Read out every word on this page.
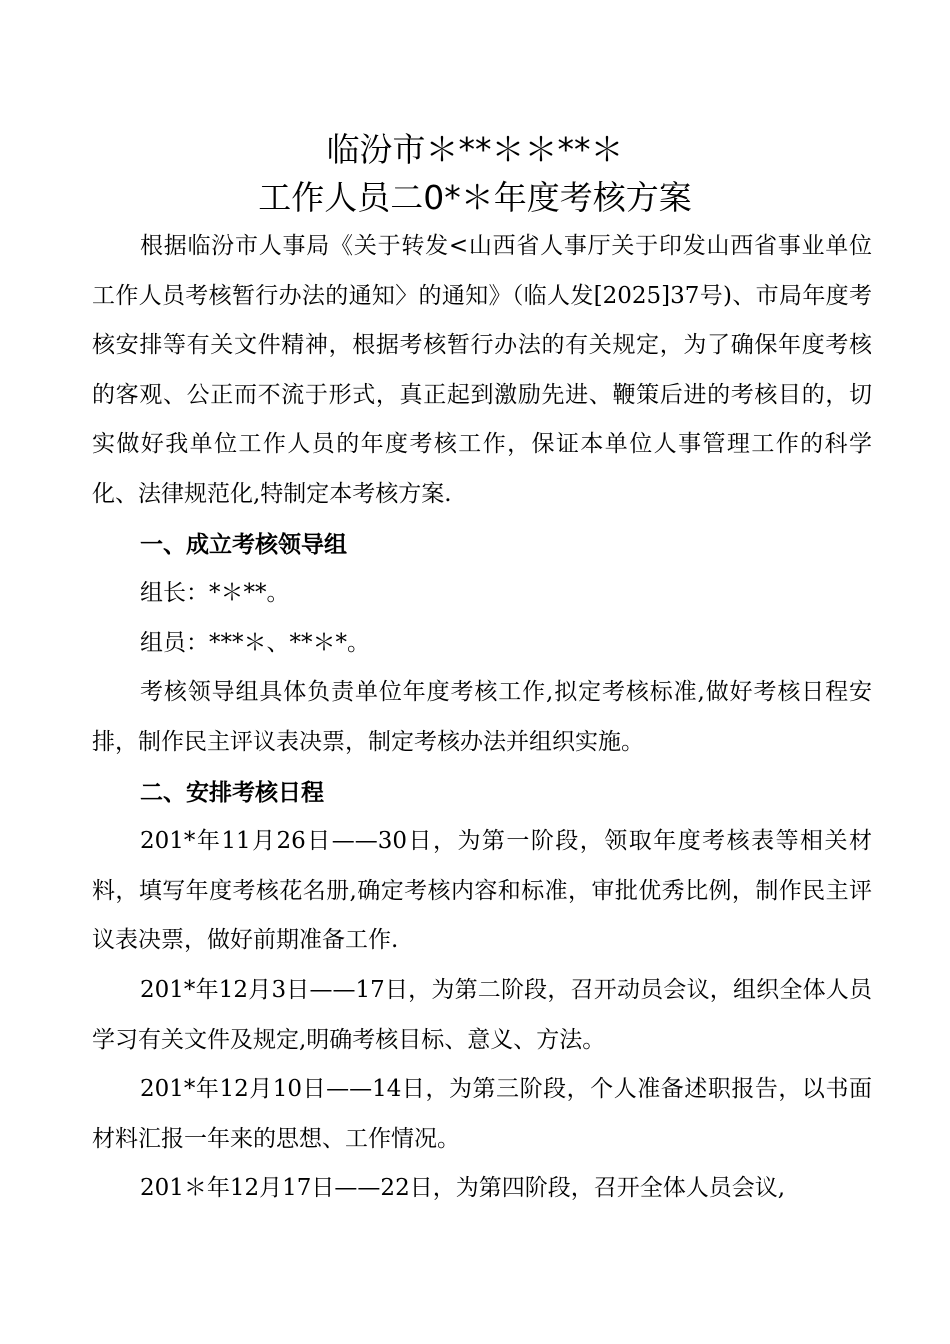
临汾市＊**＊＊**＊
工作人员二0*＊年度考核方案

根据临汾市人事局《关于转发<山西省人事厅关于印发山西省事业单位工作人员考核暂行办法的通知〉的通知》（临人发[2025]37号)、市局年度考核安排等有关文件精神，根据考核暂行办法的有关规定，为了确保年度考核的客观、公正而不流于形式，真正起到激励先进、鞭策后进的考核目的，切实做好我单位工作人员的年度考核工作，保证本单位人事管理工作的科学化、法律规范化,特制定本考核方案.

一、成立考核领导组

组长：*＊**。

组员：***＊、**＊*。

考核领导组具体负责单位年度考核工作,拟定考核标准,做好考核日程安排，制作民主评议表决票，制定考核办法并组织实施。

二、安排考核日程

201*年11月26日——30日，为第一阶段，领取年度考核表等相关材料，填写年度考核花名册,确定考核内容和标准，审批优秀比例，制作民主评议表决票，做好前期准备工作.

201*年12月3日——17日，为第二阶段，召开动员会议，组织全体人员学习有关文件及规定,明确考核目标、意义、方法。

201*年12月10日——14日，为第三阶段，个人准备述职报告，以书面材料汇报一年来的思想、工作情况。

201＊年12月17日——22日，为第四阶段，召开全体人员会议,
